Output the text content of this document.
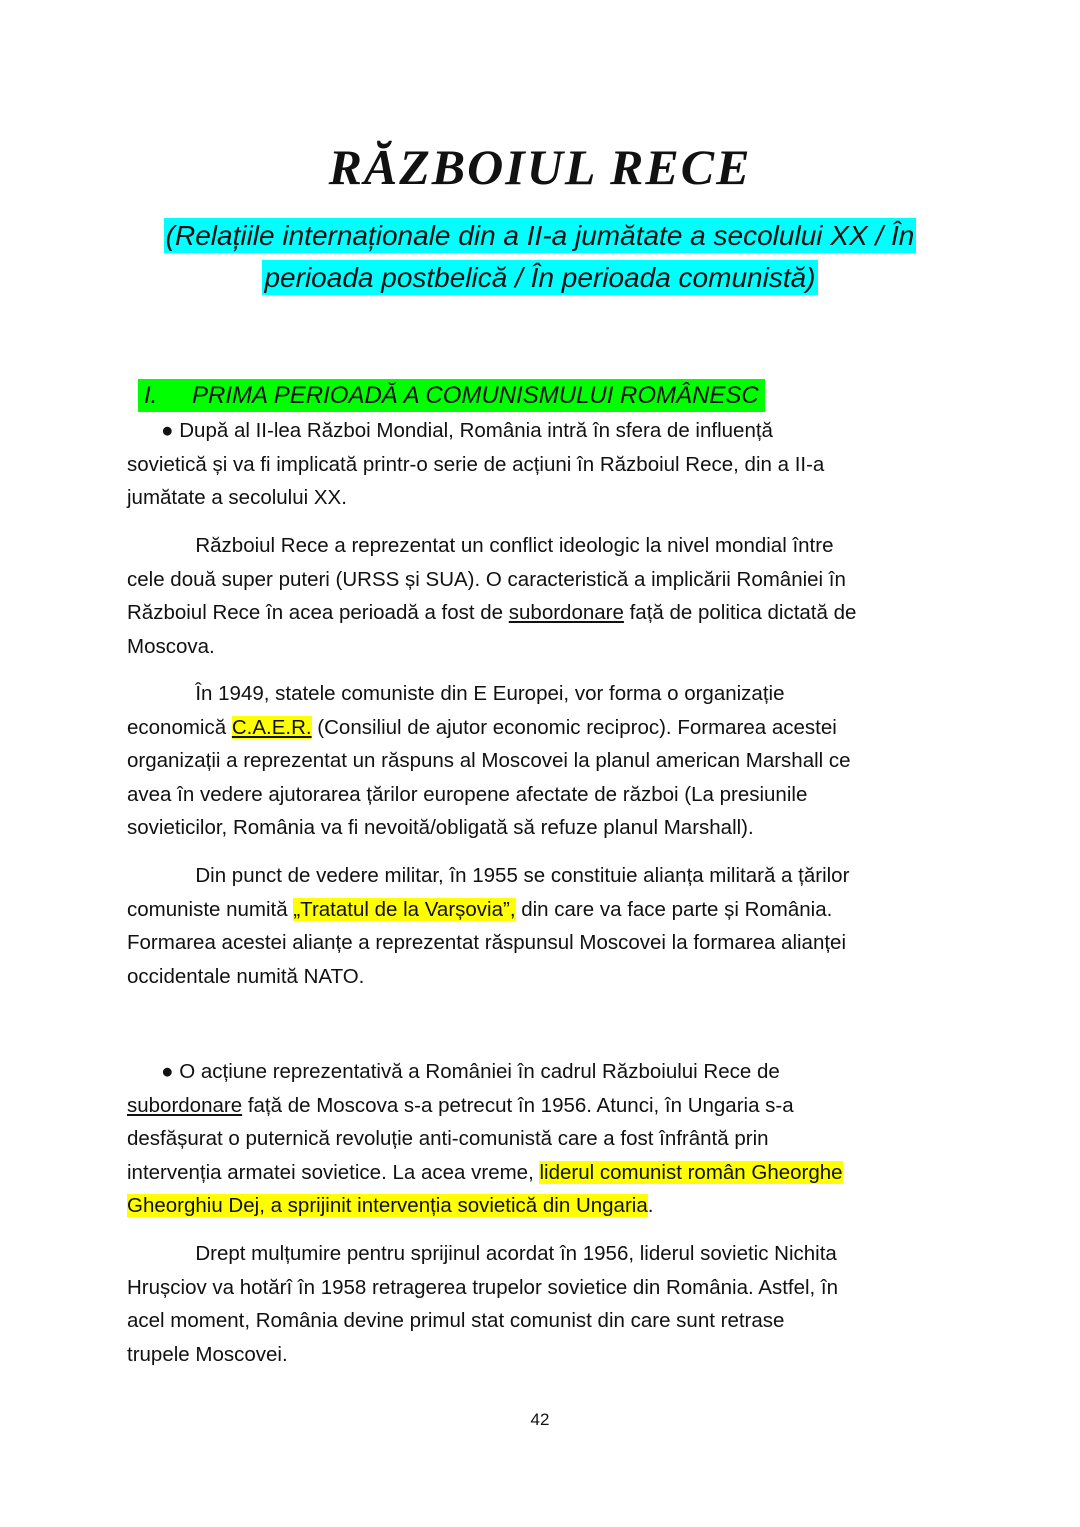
RĂZBOIUL RECE
(Relațiile internaționale din a II-a jumătate a secolului XX / În
perioada postbelică / În perioada comunistă)
I. PRIMA PERIOADĂ A COMUNISMULUI ROMÂNESC
● După al II-lea Război Mondial, România intră în sfera de influență
sovietică și va fi implicată printr-o serie de acțiuni în Războiul Rece, din a II-a
jumătate a secolului XX.
Războiul Rece a reprezentat un conflict ideologic la nivel mondial între
cele două super puteri (URSS și SUA). O caracteristică a implicării României în
Războiul Rece în acea perioadă a fost de subordonare față de politica dictată de
Moscova.
În 1949, statele comuniste din E Europei, vor forma o organizație
economică C.A.E.R. (Consiliul de ajutor economic reciproc). Formarea acestei
organizații a reprezentat un răspuns al Moscovei la planul american Marshall ce
avea în vedere ajutorarea țărilor europene afectate de război (La presiunile
sovieticilor, România va fi nevoită/obligată să refuze planul Marshall).
Din punct de vedere militar, în 1955 se constituie alianța militară a țărilor
comuniste numită „Tratatul de la Varșovia”, din care va face parte și România.
Formarea acestei alianțe a reprezentat răspunsul Moscovei la formarea alianței
occidentale numită NATO.
● O acțiune reprezentativă a României în cadrul Războiului Rece de
subordonare față de Moscova s-a petrecut în 1956. Atunci, în Ungaria s-a
desfășurat o puternică revoluție anti-comunistă care a fost înfrântă prin
intervenția armatei sovietice. La acea vreme, liderul comunist român Gheorghe
Gheorghiu Dej, a sprijinit intervenția sovietică din Ungaria.
Drept mulțumire pentru sprijinul acordat în 1956, liderul sovietic Nichita
Hrușciov va hotărî în 1958 retragerea trupelor sovietice din România. Astfel, în
acel moment, România devine primul stat comunist din care sunt retrase
trupele Moscovei.
42
